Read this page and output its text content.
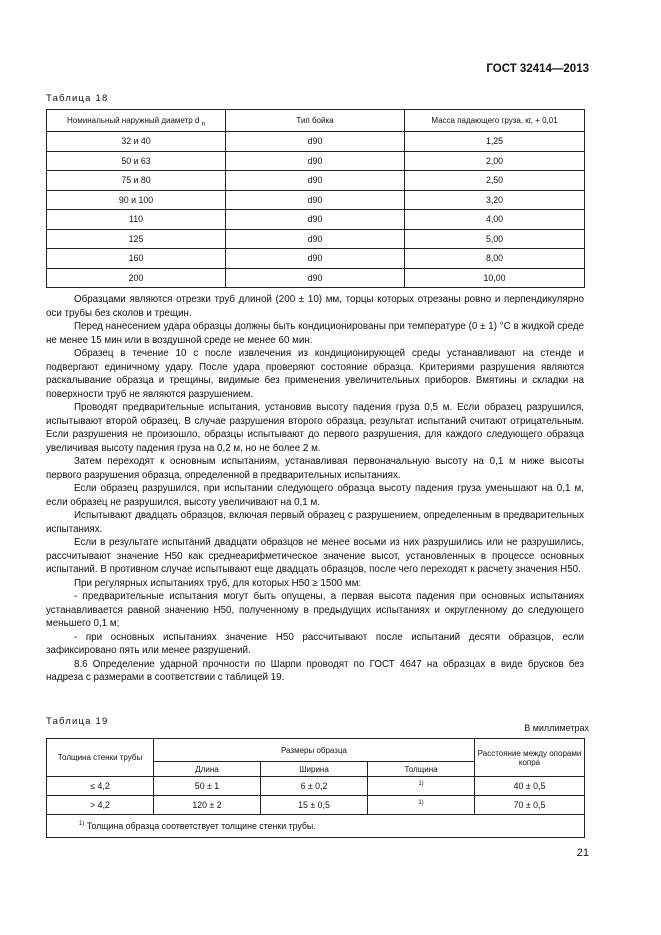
ГОСТ 32414—2013
Таблица 18
Номинальный наружный диаметр d $_n$	Тип бойка	Масса падающего груза, кг, + 0,01
32 и 40	d90	1,25
50 и 63	d90	2,00
75 и 80	d90	2,50
90 и 100	d90	3,20
110	d90	4,00
125	d90	5,00
160	d90	8,00
200	d90	10,00

Образцами являются отрезки труб длиной (200 ± 10) мм, торцы которых отрезаны ровно и перпендикулярно оси трубы без сколов и трещин.

Перед нанесением удара образцы должны быть кондиционированы при температуре (0 ± 1) °С в жидкой среде не менее 15 мин или в воздушной среде не менее 60 мин.

Образец в течение 10 с после извлечения из кондиционирующей среды устанавливают на стенде и подвергают единичному удару. После удара проверяют состояние образца. Критериями разрушения являются раскалывание образца и трещины, видимые без применения увеличительных приборов. Вмятины и складки на поверхности труб не являются разрушением.

Проводят предварительные испытания, установив высоту падения груза 0,5 м. Если образец разрушился, испытывают второй образец. В случае разрушения второго образца, результат испытаний считают отрицательным. Если разрушения не произошло, образцы испытывают до первого разрушения, для каждого следующего образца увеличивая высоту падения груза на 0,2 м, но не более 2 м.

Затем переходят к основным испытаниям, устанавливая первоначальную высоту на 0,1 м ниже высоты первого разрушения образца, определенной в предварительных испытаниях.

Если образец разрушился, при испытании следующего образца высоту падения груза уменьшают на 0,1 м, если образец не разрушился, высоту увеличивают на 0,1 м.

Испытывают двадцать образцов, включая первый образец с разрушением, определенным в предварительных испытаниях.

Если в результате испытаний двадцати образцов не менее восьми из них разрушились или не разрушились, рассчитывают значение H50 как среднеарифметическое значение высот, установленных в процессе основных испытаний. В противном случае испытывают еще двадцать образцов, после чего переходят к расчету значения H50.

При регулярных испытаниях труб, для которых H50 ≥ 1500 мм:

- предварительные испытания могут быть опущены, а первая высота падения при основных испытаниях устанавливается равной значению H50, полученному в предыдущих испытаниях и округленному до следующего меньшего 0,1 м;

- при основных испытаниях значение H50 рассчитывают после испытаний десяти образцов, если зафиксировано пять или менее разрушений.

8.6 Определение ударной прочности по Шарпи проводят по ГОСТ 4647 на образцах в виде брусков без надреза с размерами в соответствии с таблицей 19.

Таблица 19
В миллиметрах
Толщина стенки трубы	Размеры образца			Расстояние между опорами копра
	Длина	Ширина	Толщина	
≤ 4,2	50 ± 1	6 ± 0,2	$^{1)}$	40 ± 0,5
> 4,2	120 ± 2	15 ± 0,5	$^{1)}$	70 ± 0,5
$^{1)}$ Толщина образца соответствует толщине стенки трубы.				
21
